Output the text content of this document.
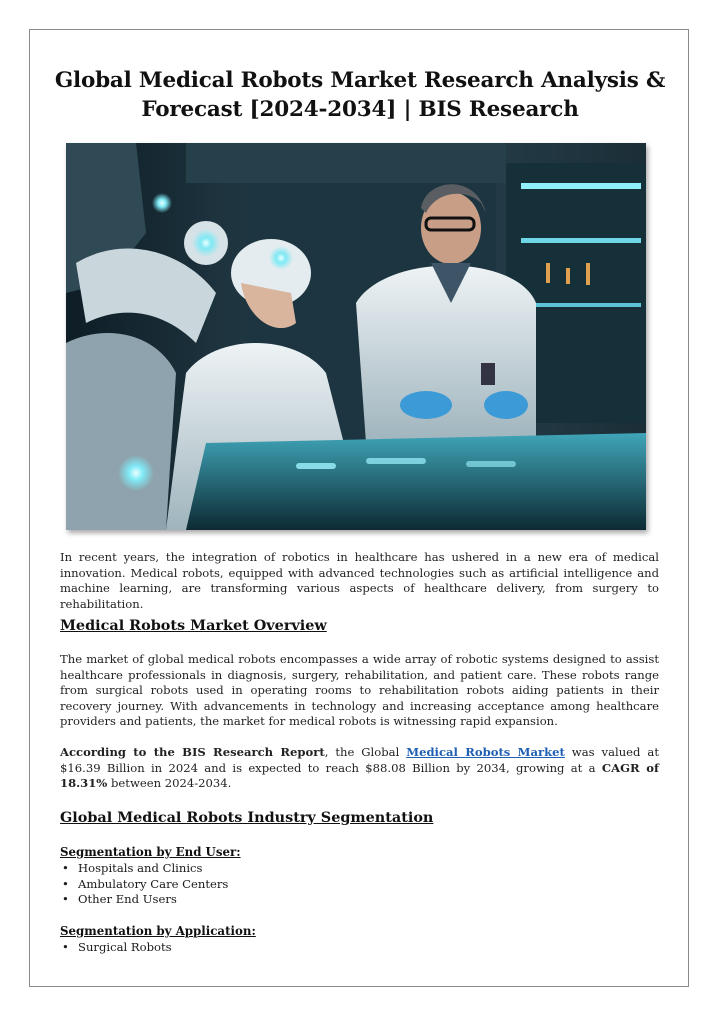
Global Medical Robots Market Research Analysis & Forecast [2024-2034] | BIS Research

In recent years, the integration of robotics in healthcare has ushered in a new era of medical innovation. Medical robots, equipped with advanced technologies such as artificial intelligence and machine learning, are transforming various aspects of healthcare delivery, from surgery to rehabilitation.

Medical Robots Market Overview

The market of global medical robots encompasses a wide array of robotic systems designed to assist healthcare professionals in diagnosis, surgery, rehabilitation, and patient care. These robots range from surgical robots used in operating rooms to rehabilitation robots aiding patients in their recovery journey. With advancements in technology and increasing acceptance among healthcare providers and patients, the market for medical robots is witnessing rapid expansion.

According to the BIS Research Report, the Global Medical Robots Market was valued at $16.39 Billion in 2024 and is expected to reach $88.08 Billion by 2034, growing at a CAGR of 18.31% between 2024-2034.

Global Medical Robots Industry Segmentation
Segmentation by End User:
• Hospitals and Clinics
• Ambulatory Care Centers
• Other End Users
Segmentation by Application:
• Surgical Robots
